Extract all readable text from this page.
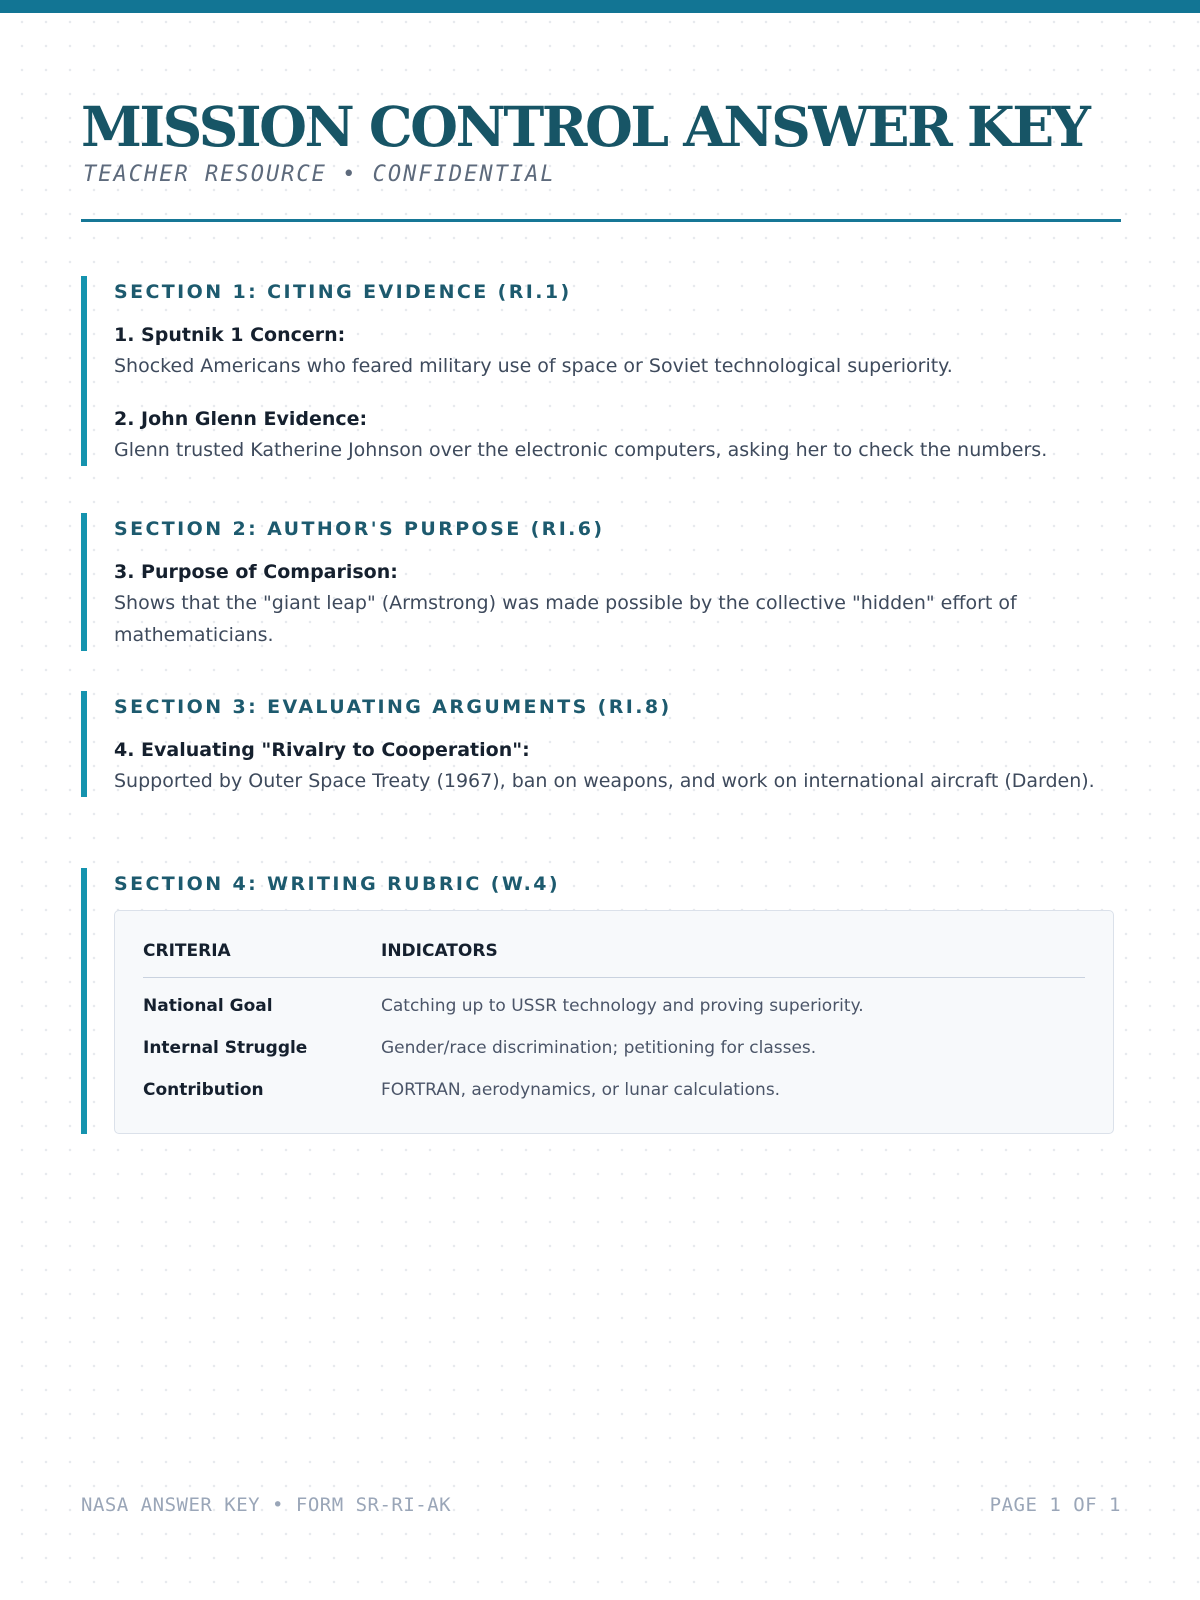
MISSION CONTROL ANSWER KEY
TEACHER RESOURCE • CONFIDENTIAL
SECTION 1: CITING EVIDENCE (RI.1)
1. Sputnik 1 Concern:
Shocked Americans who feared military use of space or Soviet technological superiority.
2. John Glenn Evidence:
Glenn trusted Katherine Johnson over the electronic computers, asking her to check the numbers.
SECTION 2: AUTHOR'S PURPOSE (RI.6)
3. Purpose of Comparison:
Shows that the "giant leap" (Armstrong) was made possible by the collective "hidden" effort of mathematicians.
SECTION 3: EVALUATING ARGUMENTS (RI.8)
4. Evaluating "Rivalry to Cooperation":
Supported by Outer Space Treaty (1967), ban on weapons, and work on international aircraft (Darden).
SECTION 4: WRITING RUBRIC (W.4)
CRITERIA	INDICATORS
National Goal	Catching up to USSR technology and proving superiority.
Internal Struggle	Gender/race discrimination; petitioning for classes.
Contribution	FORTRAN, aerodynamics, or lunar calculations.
NASA ANSWER KEY • FORM SR-RI-AK	PAGE 1 OF 1
